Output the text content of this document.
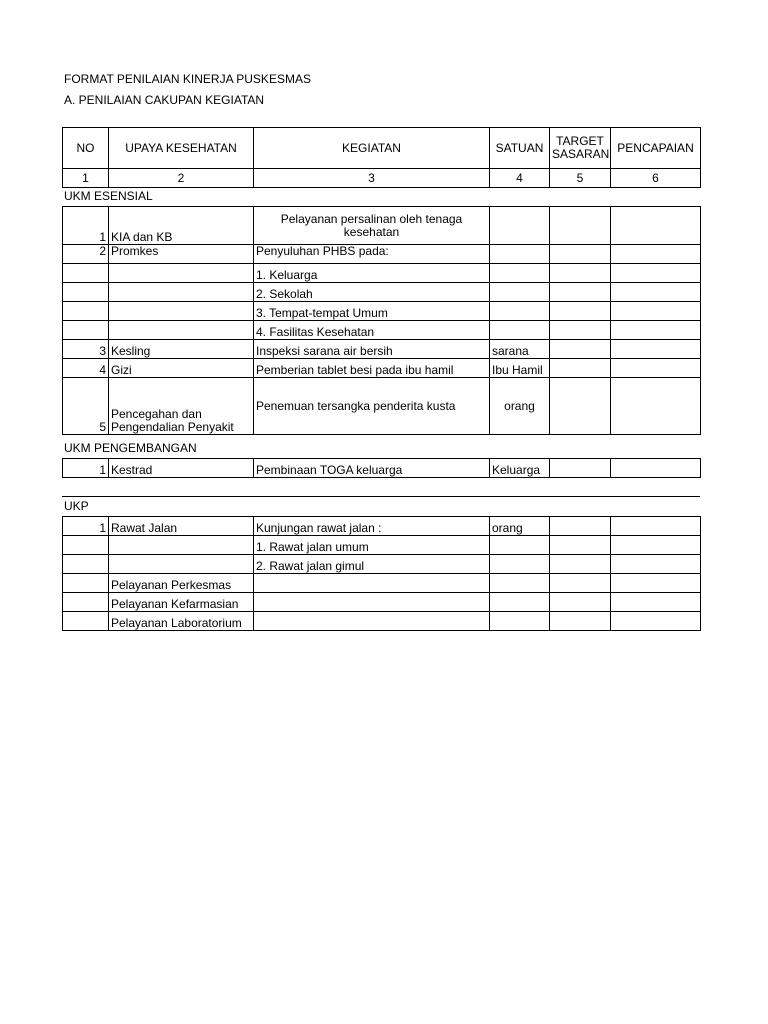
FORMAT PENILAIAN KINERJA PUSKESMAS
A. PENILAIAN CAKUPAN KEGIATAN
NO	UPAYA KESEHATAN	KEGIATAN	SATUAN	TARGET SASARAN	PENCAPAIAN
1	2	3	4	5	6
UKM ESENSIAL
1	KIA dan KB	Pelayanan persalinan oleh tenaga kesehatan			
2	Promkes	Penyuluhan PHBS pada:			
		1. Keluarga			
		2. Sekolah			
		3. Tempat-tempat Umum			
		4. Fasilitas Kesehatan			
3	Kesling	Inspeksi sarana air bersih	sarana		
4	Gizi	Pemberian tablet besi pada ibu hamil	Ibu Hamil		
5	Pencegahan dan Pengendalian Penyakit	Penemuan tersangka penderita kusta	orang		
UKM PENGEMBANGAN
1	Kestrad	Pembinaan TOGA keluarga	Keluarga		
UKP
1	Rawat Jalan	Kunjungan rawat jalan :	orang		
		1. Rawat jalan umum			
		2. Rawat jalan gimul			
	Pelayanan Perkesmas				
	Pelayanan Kefarmasian				
	Pelayanan Laboratorium				
